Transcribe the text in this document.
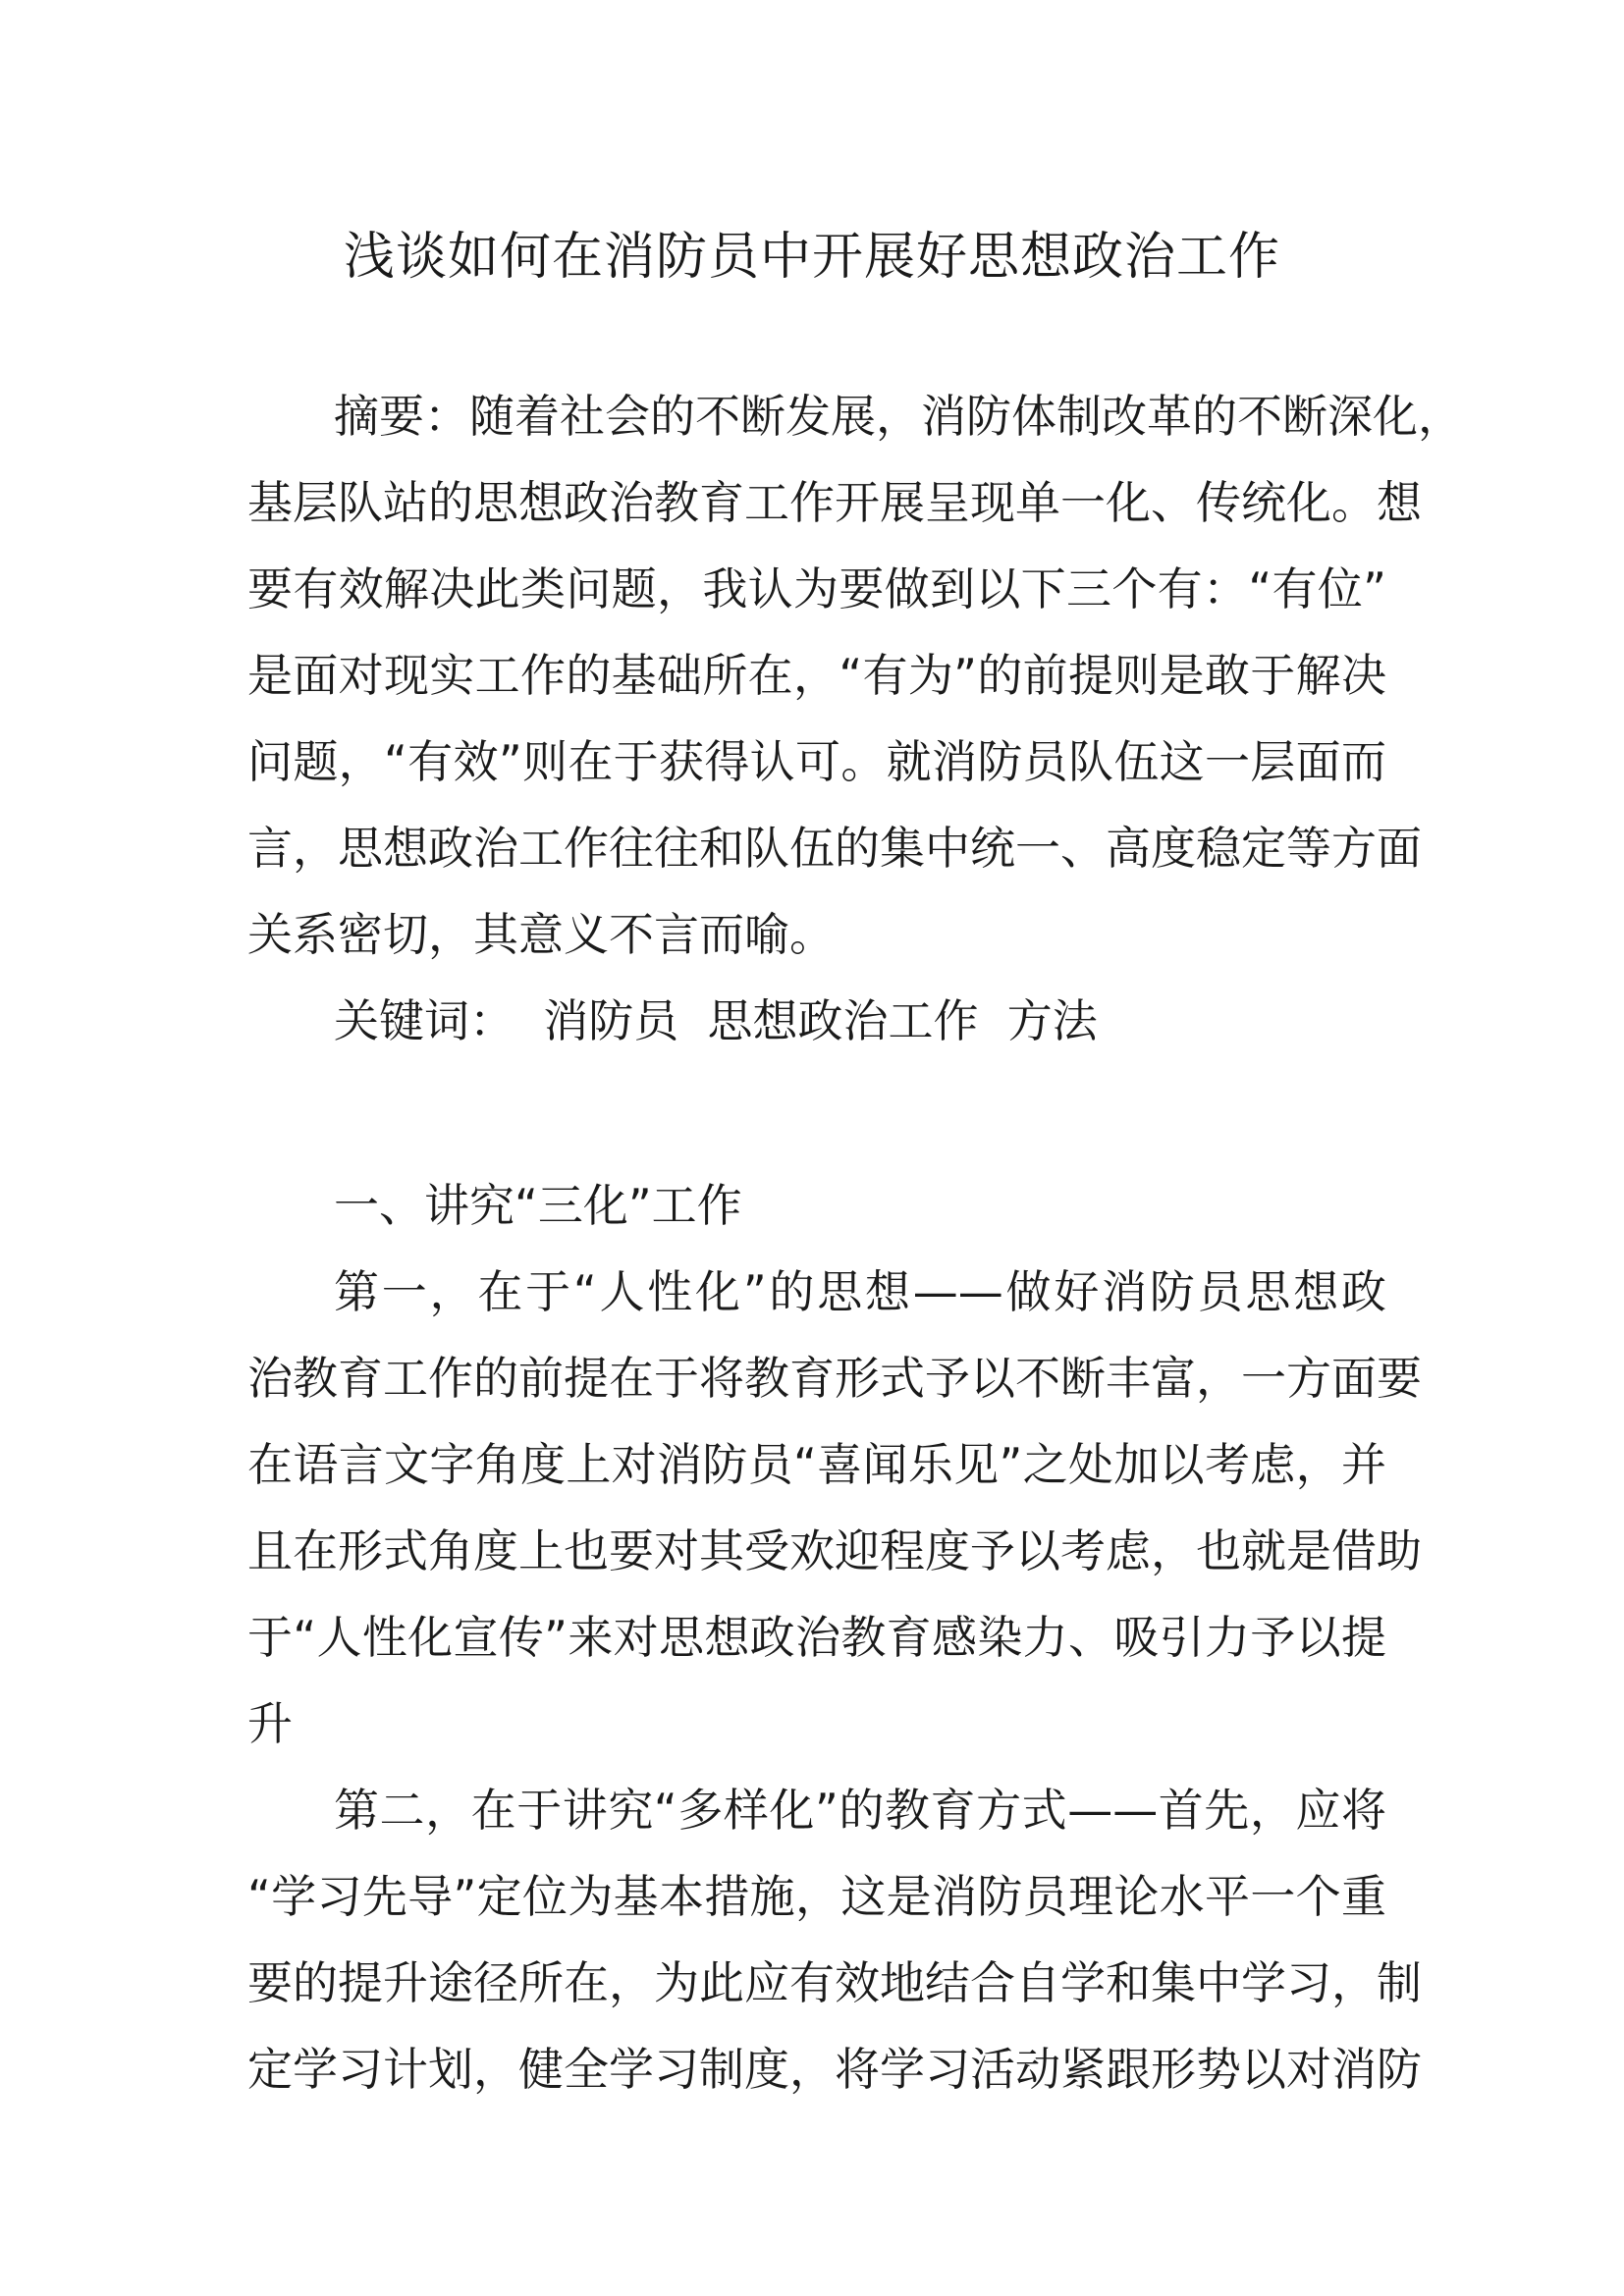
浅谈如何在消防员中开展好思想政治工作
摘要：随着社会的不断发展，消防体制改革的不断深化，
基层队站的思想政治教育工作开展呈现单一化、传统化。想
要有效解决此类问题，我认为要做到以下三个有：“有位”
是面对现实工作的基础所在，“有为”的前提则是敢于解决
问题，“有效”则在于获得认可。就消防员队伍这一层面而
言，思想政治工作往往和队伍的集中统一、高度稳定等方面
关系密切，其意义不言而喻。
关键词：  消防员  思想政治工作  方法
一、讲究“三化”工作
第一，在于“人性化”的思想——做好消防员思想政
治教育工作的前提在于将教育形式予以不断丰富，一方面要
在语言文字角度上对消防员“喜闻乐见”之处加以考虑，并
且在形式角度上也要对其受欢迎程度予以考虑，也就是借助
于“人性化宣传”来对思想政治教育感染力、吸引力予以提
升
第二，在于讲究“多样化”的教育方式——首先，应将
“学习先导”定位为基本措施，这是消防员理论水平一个重
要的提升途径所在，为此应有效地结合自学和集中学习，制
定学习计划，健全学习制度，将学习活动紧跟形势以对消防
